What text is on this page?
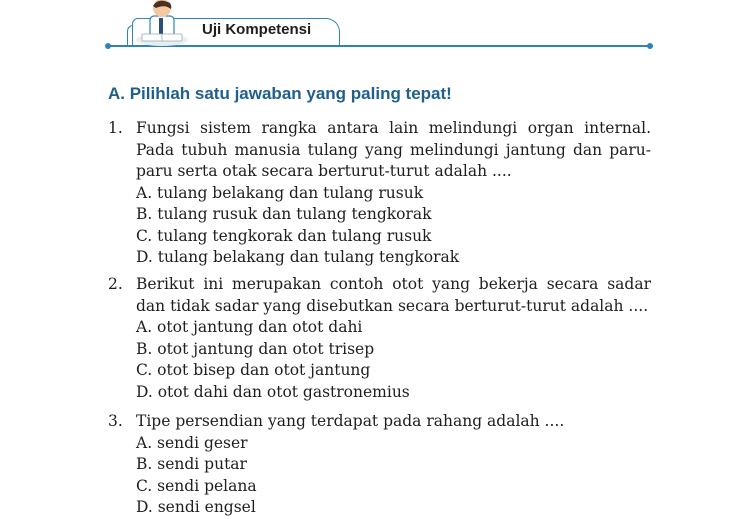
Uji Kompetensi
A. Pilihlah satu jawaban yang paling tepat!
1. Fungsi sistem rangka antara lain melindungi organ internal. Pada tubuh manusia tulang yang melindungi jantung dan paru-paru serta otak secara berturut-turut adalah ....
A. tulang belakang dan tulang rusuk
B. tulang rusuk dan tulang tengkorak
C. tulang tengkorak dan tulang rusuk
D. tulang belakang dan tulang tengkorak
2. Berikut ini merupakan contoh otot yang bekerja secara sadar dan tidak sadar yang disebutkan secara berturut-turut adalah ....
A. otot jantung dan otot dahi
B. otot jantung dan otot trisep
C. otot bisep dan otot jantung
D. otot dahi dan otot gastronemius
3. Tipe persendian yang terdapat pada rahang adalah ....
A. sendi geser
B. sendi putar
C. sendi pelana
D. sendi engsel
